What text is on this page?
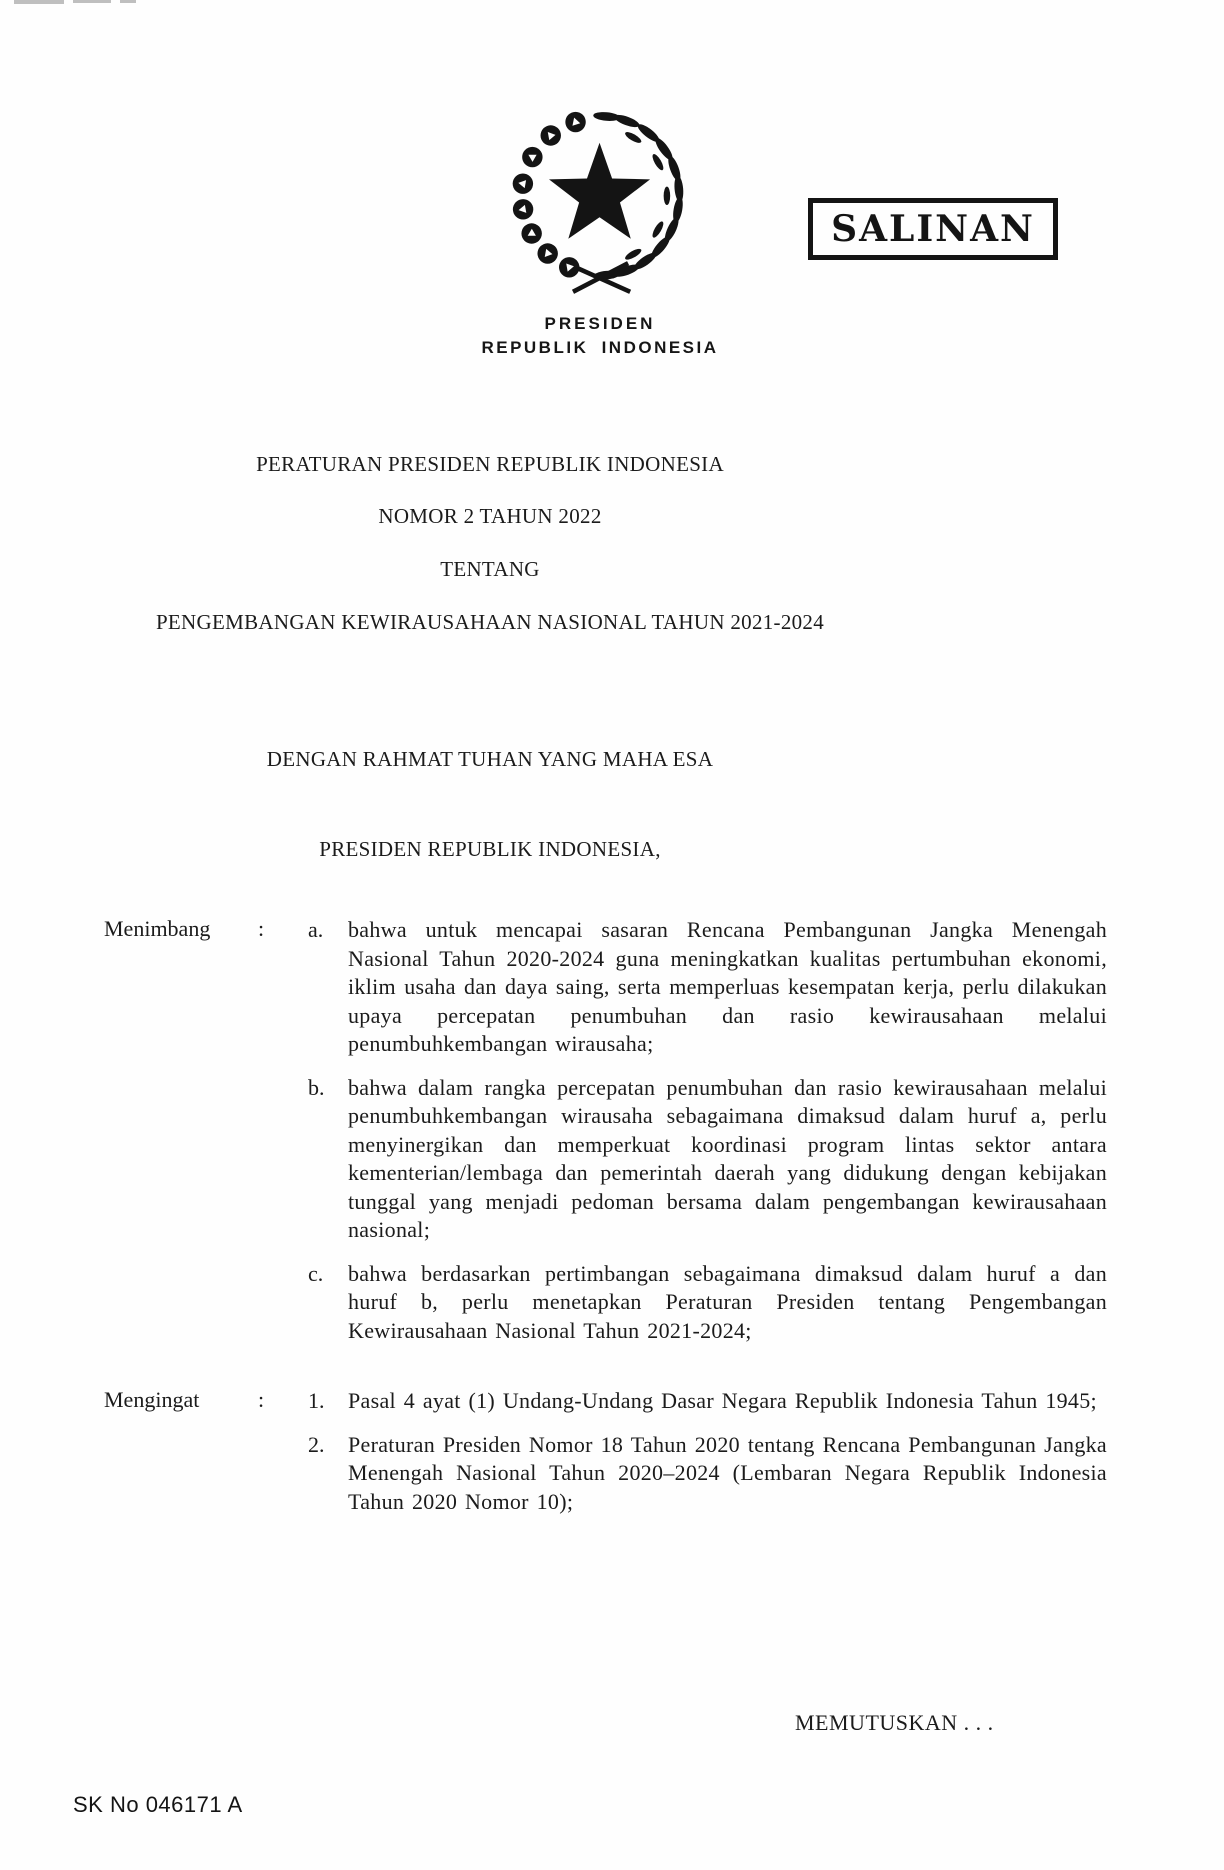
SALINAN
PRESIDEN
REPUBLIK INDONESIA
PERATURAN PRESIDEN REPUBLIK INDONESIA
NOMOR 2 TAHUN 2022
TENTANG
PENGEMBANGAN KEWIRAUSAHAAN NASIONAL TAHUN 2021-2024
DENGAN RAHMAT TUHAN YANG MAHA ESA
PRESIDEN REPUBLIK INDONESIA,
Menimbang	:	a.	bahwa untuk mencapai sasaran Rencana Pembangunan Jangka Menengah Nasional Tahun 2020-2024 guna meningkatkan kualitas pertumbuhan ekonomi, iklim usaha dan daya saing, serta memperluas kesempatan kerja, perlu dilakukan upaya percepatan penumbuhan dan rasio kewirausahaan melalui penumbuhkembangan wirausaha;
b.	bahwa dalam rangka percepatan penumbuhan dan rasio kewirausahaan melalui penumbuhkembangan wirausaha sebagaimana dimaksud dalam huruf a, perlu menyinergikan dan memperkuat koordinasi program lintas sektor antara kementerian/lembaga dan pemerintah daerah yang didukung dengan kebijakan tunggal yang menjadi pedoman bersama dalam pengembangan kewirausahaan nasional;
c.	bahwa berdasarkan pertimbangan sebagaimana dimaksud dalam huruf a dan huruf b, perlu menetapkan Peraturan Presiden tentang Pengembangan Kewirausahaan Nasional Tahun 2021-2024;
Mengingat	:	1.	Pasal 4 ayat (1) Undang-Undang Dasar Negara Republik Indonesia Tahun 1945;
2.	Peraturan Presiden Nomor 18 Tahun 2020 tentang Rencana Pembangunan Jangka Menengah Nasional Tahun 2020–2024 (Lembaran Negara Republik Indonesia Tahun 2020 Nomor 10);
MEMUTUSKAN . . .
SK No 046171 A
